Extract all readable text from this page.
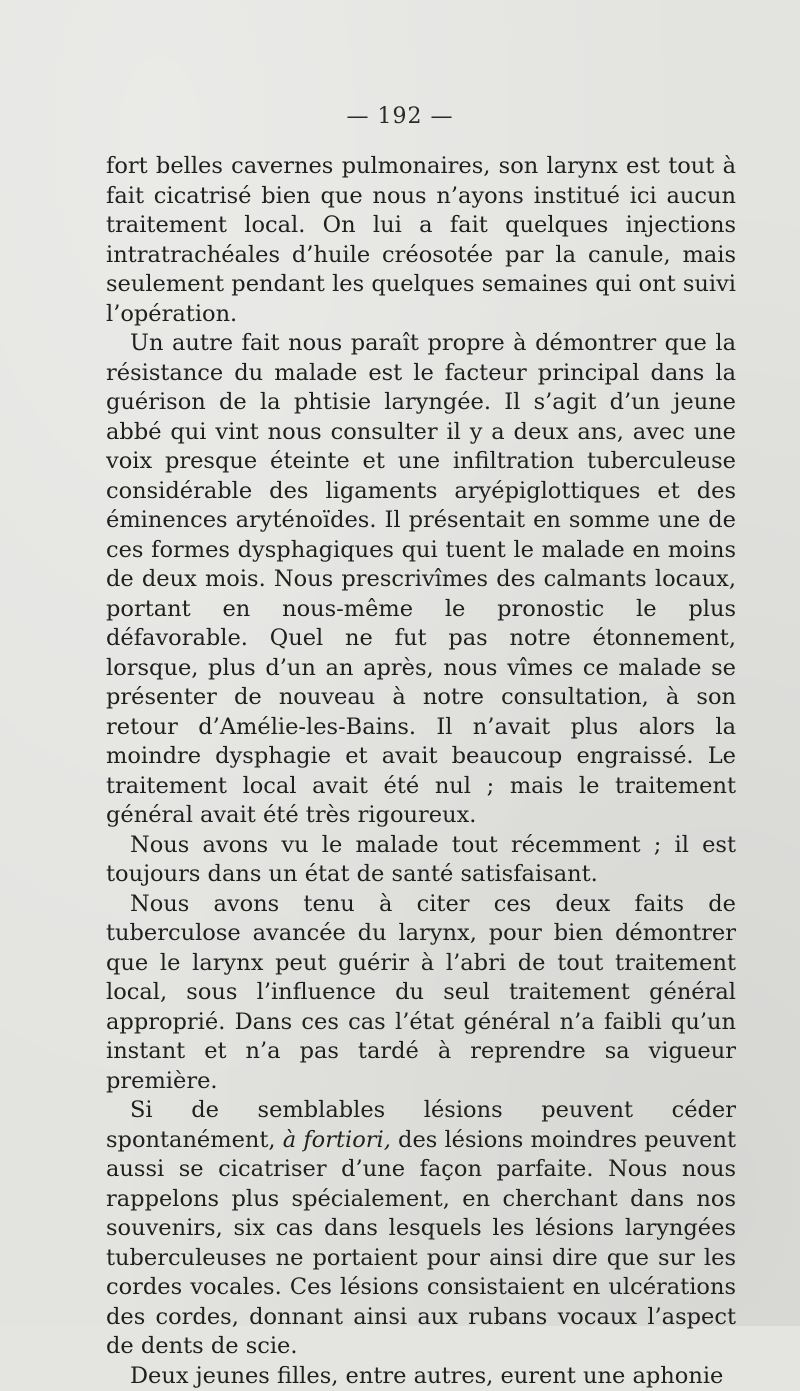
— 192 —

fort belles cavernes pulmonaires, son larynx est tout à fait cicatrisé bien que nous n’ayons institué ici aucun traitement local. On lui a fait quelques injections intratrachéales d’huile créosotée par la canule, mais seulement pendant les quelques semaines qui ont suivi l’opération.

Un autre fait nous paraît propre à démontrer que la résistance du malade est le facteur principal dans la guérison de la phtisie laryngée. Il s’agit d’un jeune abbé qui vint nous consulter il y a deux ans, avec une voix presque éteinte et une infiltration tuberculeuse considérable des ligaments aryépiglottiques et des éminences aryténoïdes. Il présentait en somme une de ces formes dysphagiques qui tuent le malade en moins de deux mois. Nous prescrivîmes des calmants locaux, portant en nous-même le pronostic le plus défavorable. Quel ne fut pas notre étonnement, lorsque, plus d’un an après, nous vîmes ce malade se présenter de nouveau à notre consultation, à son retour d’Amélie-les-Bains. Il n’avait plus alors la moindre dysphagie et avait beaucoup engraissé. Le traitement local avait été nul ; mais le traitement général avait été très rigoureux.

Nous avons vu le malade tout récemment ; il est toujours dans un état de santé satisfaisant.

Nous avons tenu à citer ces deux faits de tuberculose avancée du larynx, pour bien démontrer que le larynx peut guérir à l’abri de tout traitement local, sous l’influence du seul traitement général approprié. Dans ces cas l’état général n’a faibli qu’un instant et n’a pas tardé à reprendre sa vigueur première.

Si de semblables lésions peuvent céder spontanément, à fortiori, des lésions moindres peuvent aussi se cicatriser d’une façon parfaite. Nous nous rappelons plus spécialement, en cherchant dans nos souvenirs, six cas dans lesquels les lésions laryngées tuberculeuses ne portaient pour ainsi dire que sur les cordes vocales. Ces lésions consistaient en ulcérations des cordes, donnant ainsi aux rubans vocaux l’aspect de dents de scie.

Deux jeunes filles, entre autres, eurent une aphonie
